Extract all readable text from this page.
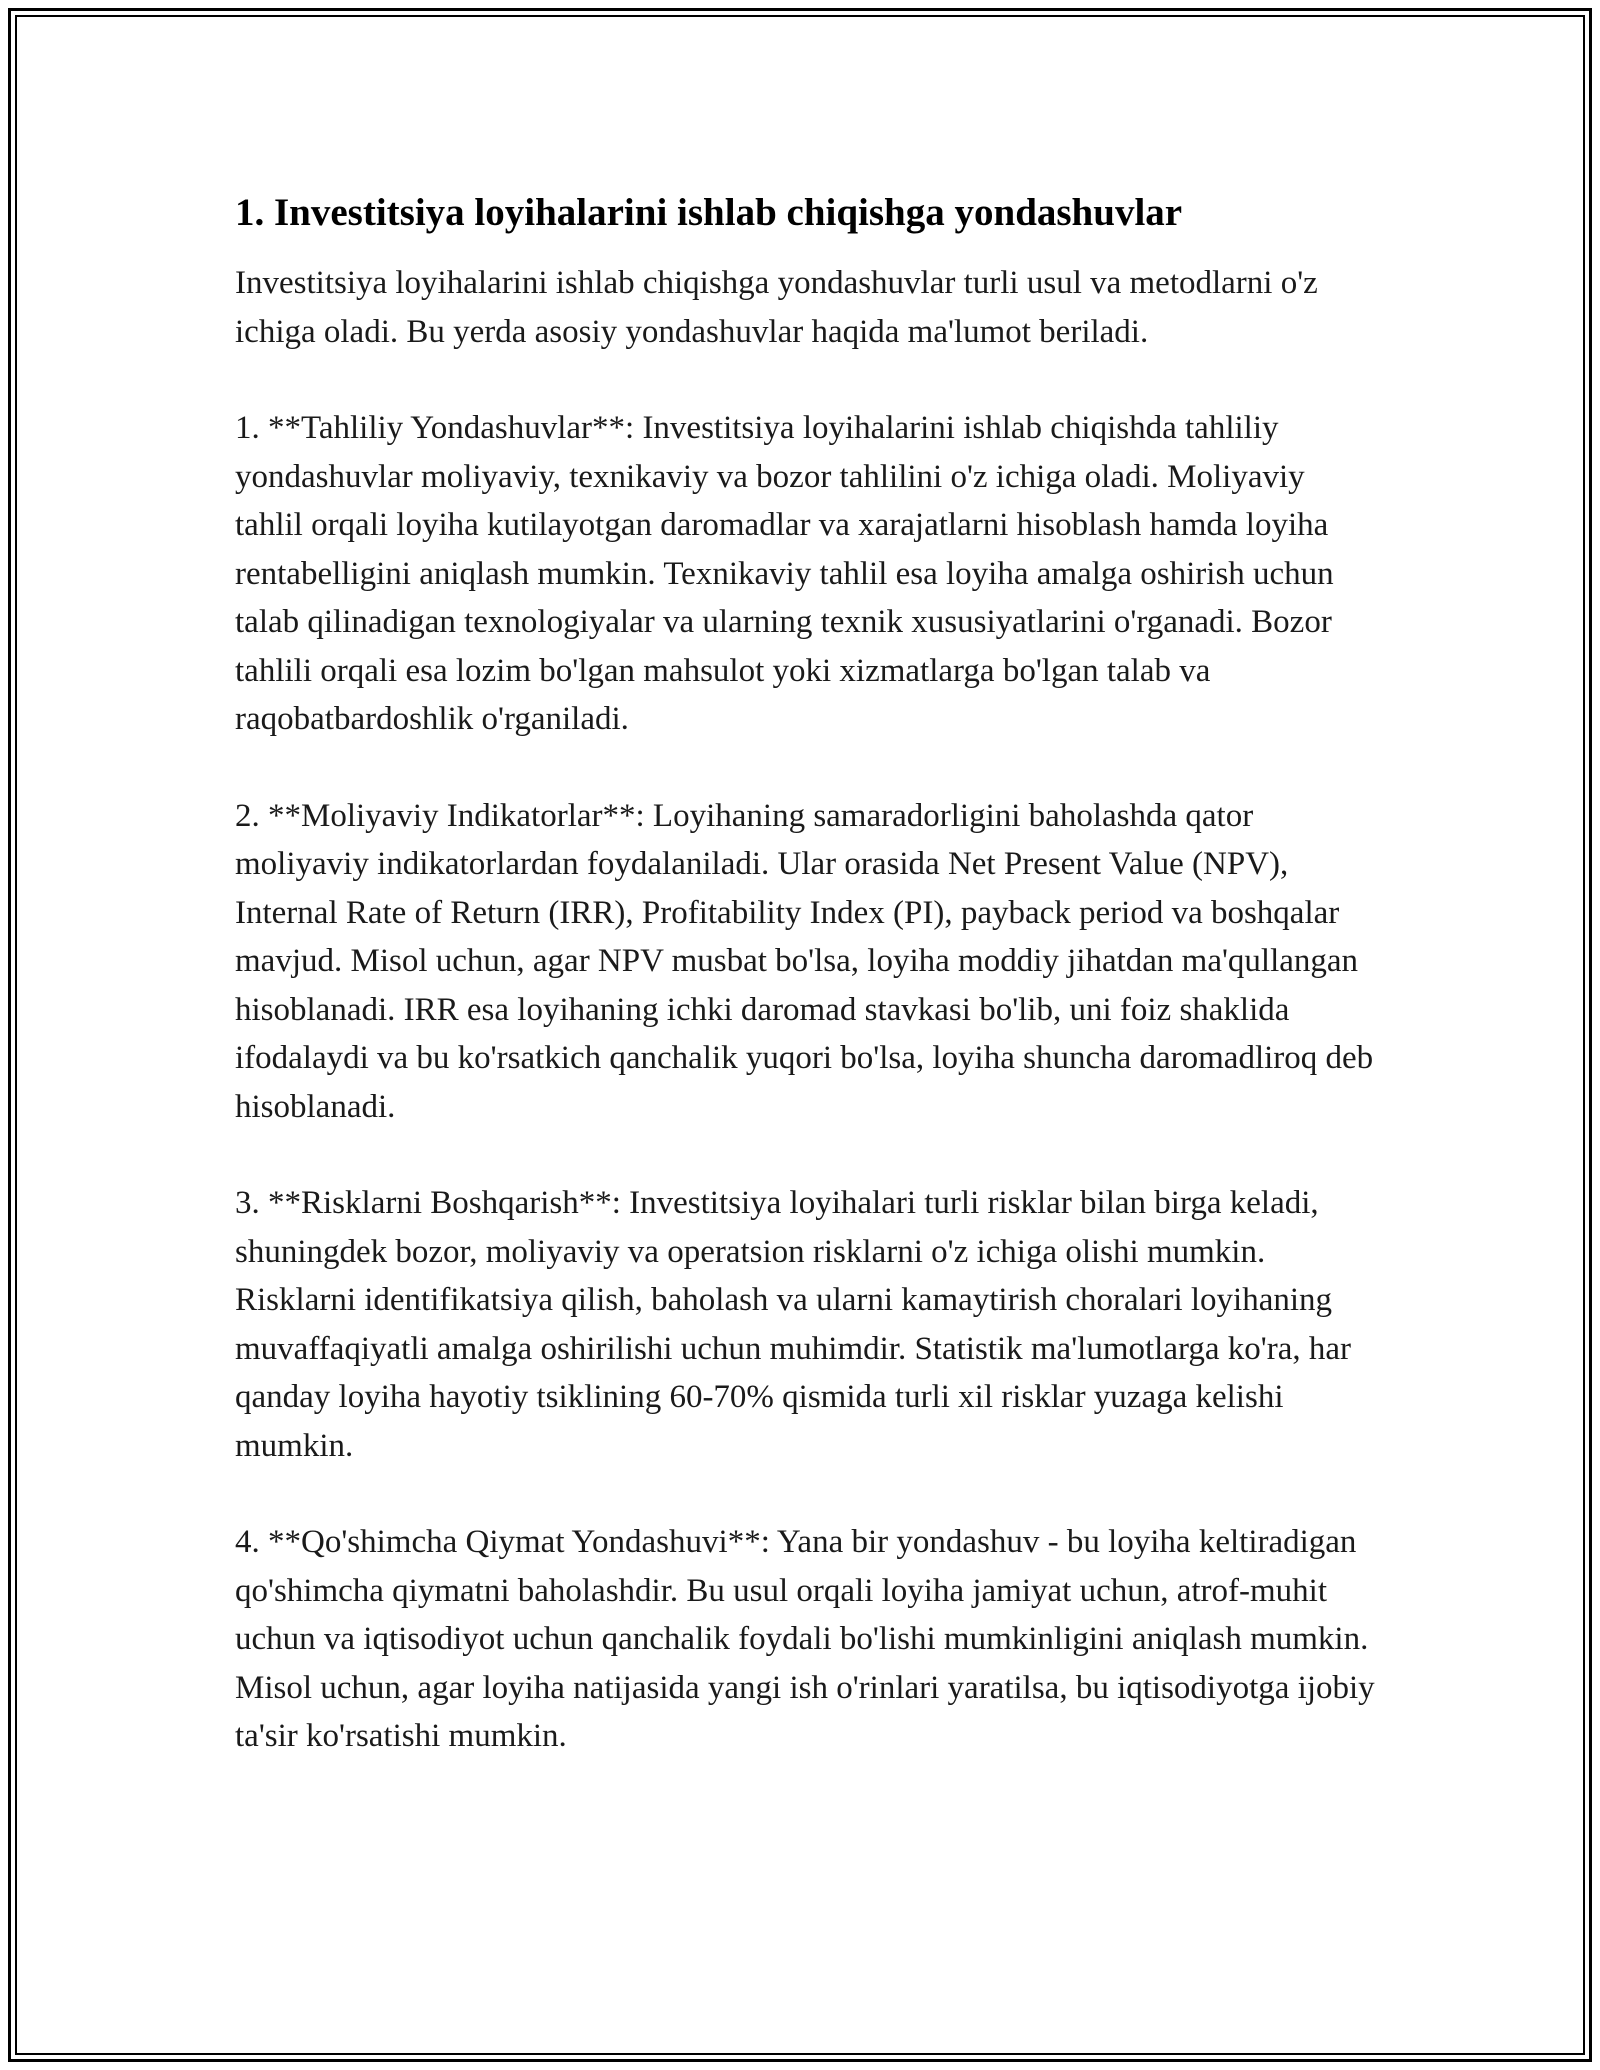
1. Investitsiya loyihalarini ishlab chiqishga yondashuvlar

Investitsiya loyihalarini ishlab chiqishga yondashuvlar turli usul va metodlarni o'z ichiga oladi. Bu yerda asosiy yondashuvlar haqida ma'lumot beriladi.

1. **Tahliliy Yondashuvlar**: Investitsiya loyihalarini ishlab chiqishda tahliliy yondashuvlar moliyaviy, texnikaviy va bozor tahlilini o'z ichiga oladi. Moliyaviy tahlil orqali loyiha kutilayotgan daromadlar va xarajatlarni hisoblash hamda loyiha rentabelligini aniqlash mumkin. Texnikaviy tahlil esa loyiha amalga oshirish uchun talab qilinadigan texnologiyalar va ularning texnik xususiyatlarini o'rganadi. Bozor tahlili orqali esa lozim bo'lgan mahsulot yoki xizmatlarga bo'lgan talab va raqobatbardoshlik o'rganiladi.

2. **Moliyaviy Indikatorlar**: Loyihaning samaradorligini baholashda qator moliyaviy indikatorlardan foydalaniladi. Ular orasida Net Present Value (NPV), Internal Rate of Return (IRR), Profitability Index (PI), payback period va boshqalar mavjud. Misol uchun, agar NPV musbat bo'lsa, loyiha moddiy jihatdan ma'qullangan hisoblanadi. IRR esa loyihaning ichki daromad stavkasi bo'lib, uni foiz shaklida ifodalaydi va bu ko'rsatkich qanchalik yuqori bo'lsa, loyiha shuncha daromadliroq deb hisoblanadi.

3. **Risklarni Boshqarish**: Investitsiya loyihalari turli risklar bilan birga keladi, shuningdek bozor, moliyaviy va operatsion risklarni o'z ichiga olishi mumkin. Risklarni identifikatsiya qilish, baholash va ularni kamaytirish choralari loyihaning muvaffaqiyatli amalga oshirilishi uchun muhimdir. Statistik ma'lumotlarga ko'ra, har qanday loyiha hayotiy tsiklining 60-70% qismida turli xil risklar yuzaga kelishi mumkin.

4. **Qo'shimcha Qiymat Yondashuvi**: Yana bir yondashuv - bu loyiha keltiradigan qo'shimcha qiymatni baholashdir. Bu usul orqali loyiha jamiyat uchun, atrof-muhit uchun va iqtisodiyot uchun qanchalik foydali bo'lishi mumkinligini aniqlash mumkin. Misol uchun, agar loyiha natijasida yangi ish o'rinlari yaratilsa, bu iqtisodiyotga ijobiy ta'sir ko'rsatishi mumkin.
